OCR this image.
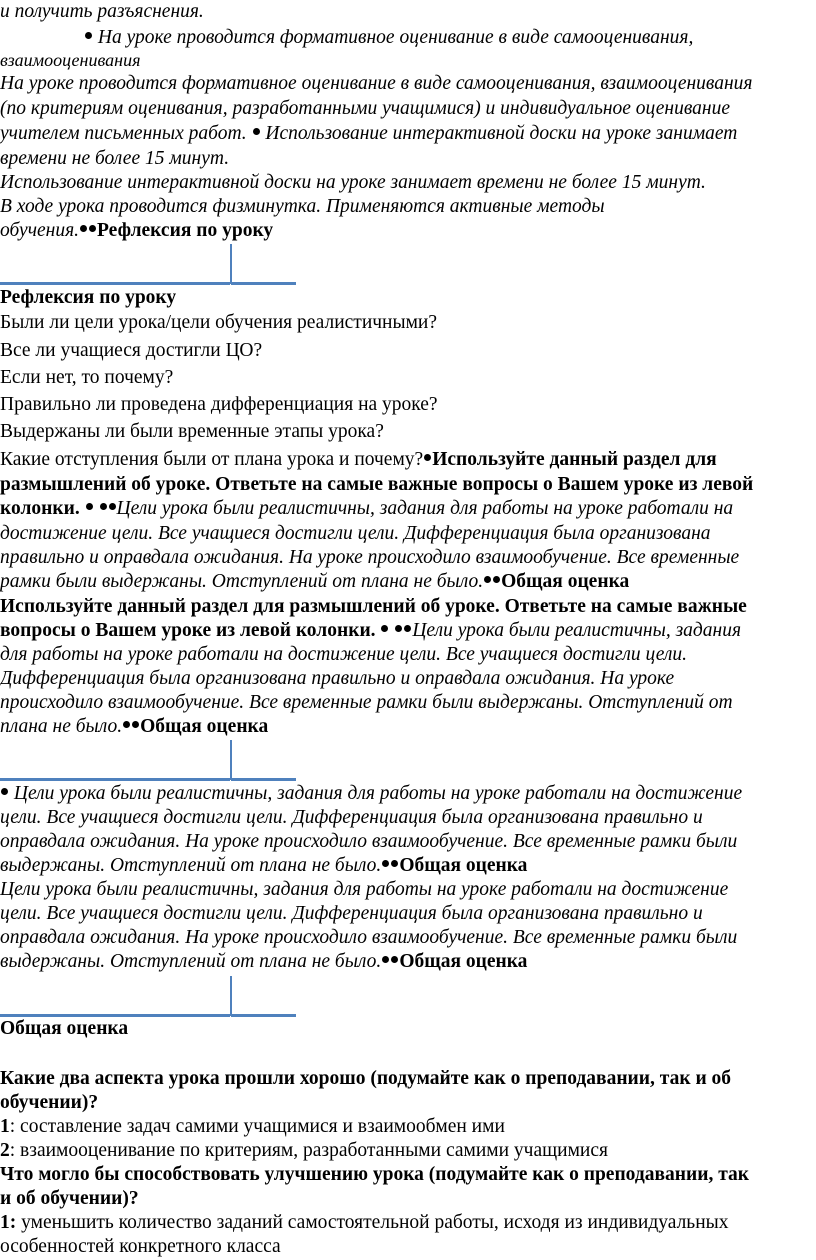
и получить разъяснения.
На уроке проводится формативное оценивание в виде самооценивания,
взаимооценивания
На уроке проводится формативное оценивание в виде самооценивания, взаимооценивания
(по критериям оценивания, разработанными учащимися) и индивидуальное оценивание
учителем письменных работ.  Использование интерактивной доски на уроке занимает
времени не более 15 минут.
Использование интерактивной доски на уроке занимает времени не более 15 минут.
В ходе урока проводится физминутка. Применяются активные методы
обучения. Рефлексия по уроку
Рефлексия по уроку
Были ли цели урока/цели обучения реалистичными?
Все ли учащиеся достигли ЦО?
Если нет, то почему?
Правильно ли проведена дифференциация на уроке?
Выдержаны ли были временные этапы урока?
Какие отступления были от плана урока и почему? Используйте данный раздел для
размышлений об уроке. Ответьте на самые важные вопросы о Вашем уроке из левой
колонки.  Цели урока были реалистичны, задания для работы на уроке работали на
достижение цели. Все учащиеся достигли цели. Дифференциация была организована
правильно и оправдала ожидания. На уроке происходило взаимообучение. Все временные
рамки были выдержаны. Отступлений от плана не было. Общая оценка
Используйте данный раздел для размышлений об уроке. Ответьте на самые важные
вопросы о Вашем уроке из левой колонки.  Цели урока были реалистичны, задания
для работы на уроке работали на достижение цели. Все учащиеся достигли цели.
Дифференциация была организована правильно и оправдала ожидания. На уроке
происходило взаимообучение. Все временные рамки были выдержаны. Отступлений от
плана не было. Общая оценка
Цели урока были реалистичны, задания для работы на уроке работали на достижение
цели. Все учащиеся достигли цели. Дифференциация была организована правильно и
оправдала ожидания. На уроке происходило взаимообучение. Все временные рамки были
выдержаны. Отступлений от плана не было. Общая оценка
Цели урока были реалистичны, задания для работы на уроке работали на достижение
цели. Все учащиеся достигли цели. Дифференциация была организована правильно и
оправдала ожидания. На уроке происходило взаимообучение. Все временные рамки были
выдержаны. Отступлений от плана не было. Общая оценка
Общая оценка
Какие два аспекта урока прошли хорошо (подумайте как о преподавании, так и об
обучении)?
1: составление задач самими учащимися и взаимообмен ими
2: взаимооценивание по критериям, разработанными самими учащимися
Что могло бы способствовать улучшению урока (подумайте как о преподавании, так
и об обучении)?
1: уменьшить количество заданий самостоятельной работы, исходя из индивидуальных
особенностей конкретного класса
